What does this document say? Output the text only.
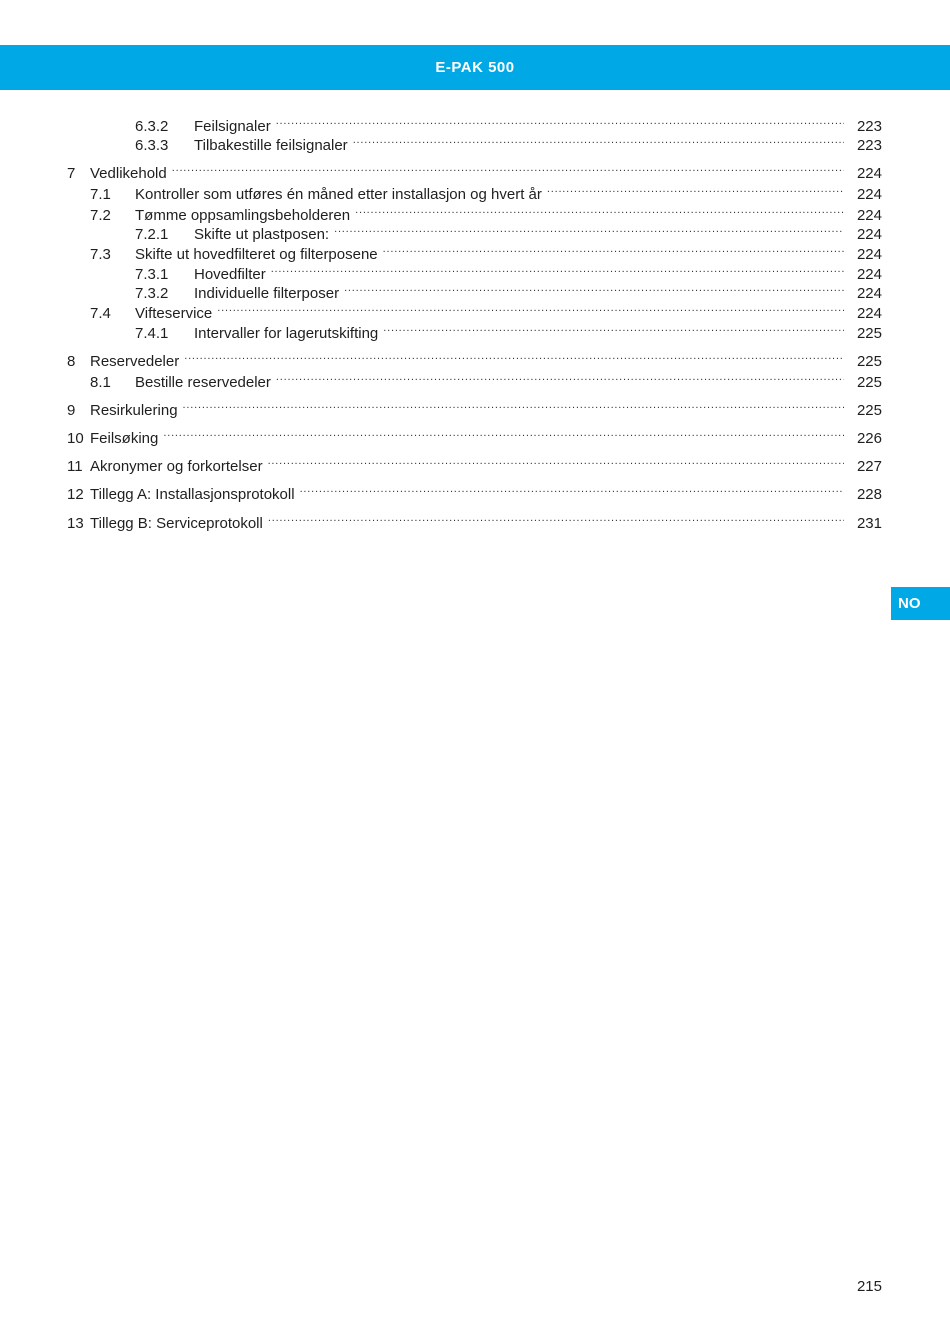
E-PAK 500
6.3.2	Feilsignaler .....	223
6.3.3	Tilbakestille feilsignaler .....	223
7 Vedlikehold .....	224
7.1	Kontroller som utføres én måned etter installasjon og hvert år .....	224
7.2	Tømme oppsamlingsbeholderen .....	224
7.2.1	Skifte ut plastposen: .....	224
7.3	Skifte ut hovedfilteret og filterposene .....	224
7.3.1	Hovedfilter .....	224
7.3.2	Individuelle filterposer .....	224
7.4	Vifteservice .....	224
7.4.1	Intervaller for lagerutskifting .....	225
8 Reservedeler .....	225
8.1	Bestille reservedeler .....	225
9 Resirkulering .....	225
10 Feilsøking .....	226
11 Akronymer og forkortelser .....	227
12 Tillegg A: Installasjonsprotokoll .....	228
13 Tillegg B: Serviceprotokoll .....	231
NO
215
